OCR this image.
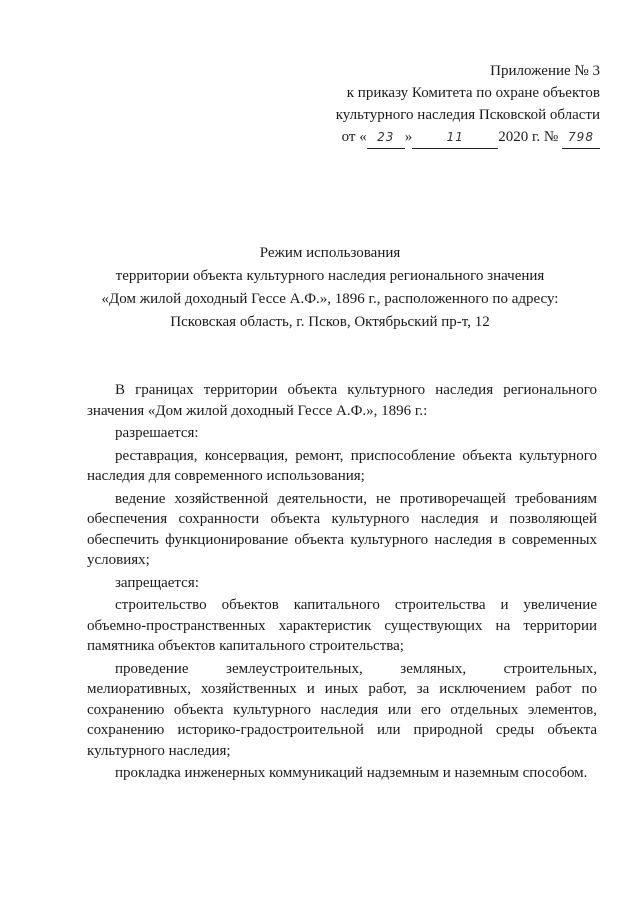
Приложение № 3
к приказу Комитета по охране объектов
культурного наследия Псковской области
от « 23 »	11 2020 г. № 798
Режим использования
территории объекта культурного наследия регионального значения
«Дом жилой доходный Гессе А.Ф.», 1896 г., расположенного по адресу:
Псковская область, г. Псков, Октябрьский пр-т, 12

В границах территории объекта культурного наследия регионального значения «Дом жилой доходный Гессе А.Ф.», 1896 г.:

разрешается:

реставрация, консервация, ремонт, приспособление объекта культурного наследия для современного использования;

ведение хозяйственной деятельности, не противоречащей требованиям обеспечения сохранности объекта культурного наследия и позволяющей обеспечить функционирование объекта культурного наследия в современных условиях;

запрещается:

строительство объектов капитального строительства и увеличение объемно-пространственных характеристик существующих на территории памятника объектов капитального строительства;

проведение землеустроительных, земляных, строительных, мелиоративных, хозяйственных и иных работ, за исключением работ по сохранению объекта культурного наследия или его отдельных элементов, сохранению историко-градостроительной или природной среды объекта культурного наследия;

прокладка инженерных коммуникаций надземным и наземным способом.
